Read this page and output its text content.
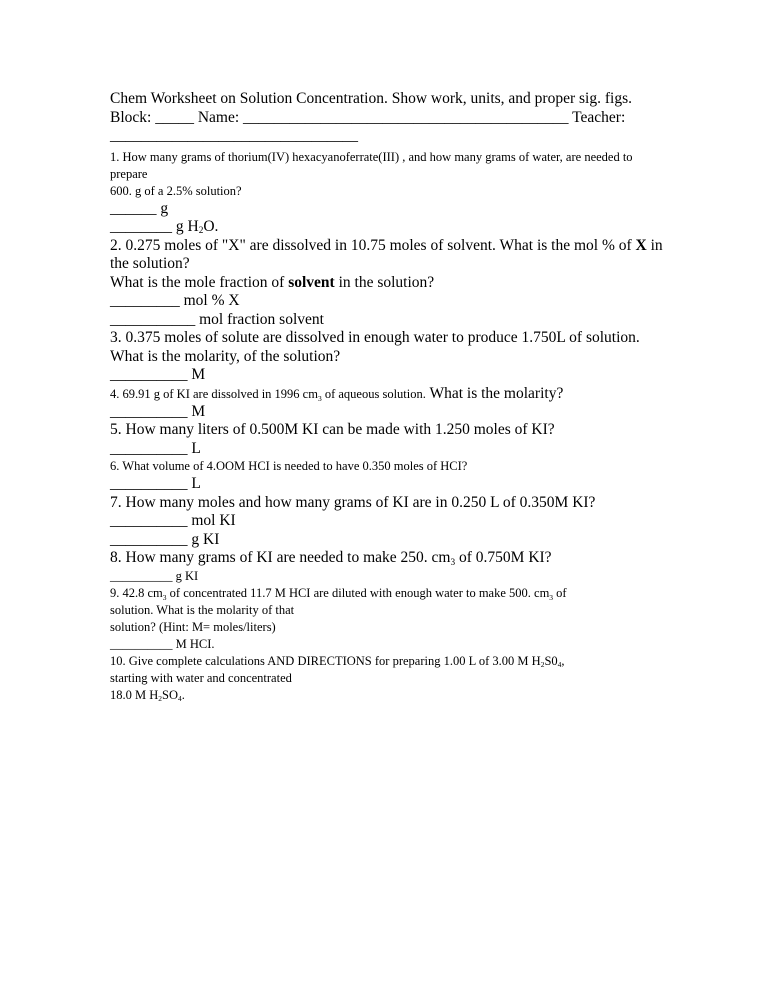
Chem Worksheet on Solution Concentration. Show work, units, and proper sig. figs.
Block: _____ Name: __________________________________________ Teacher:
________________________________
1. How many grams of thorium(IV) hexacyanoferrate(III) , and how many grams of water, are needed to prepare
600. g of a 2.5% solution?
______ g
________ g $H_2O$.
2. 0.275 moles of "X" are dissolved in 10.75 moles of solvent. What is the mol % of X in the solution?
What is the mole fraction of solvent in the solution?
_________ mol % X
___________ mol fraction solvent
3. 0.375 moles of solute are dissolved in enough water to produce 1.750L of solution.
What is the molarity, of the solution?
__________ M
4. 69.91 g of KI are dissolved in 1996 $cm^3$ of aqueous solution. What is the molarity?
__________ M
5. How many liters of 0.500M KI can be made with 1.250 moles of KI?
__________ L
6. What volume of 4.OOM HCI is needed to have 0.350 moles of HCI?
__________ L
7. How many moles and how many grams of KI are in 0.250 L of 0.350M KI?
__________ mol KI
__________ g KI
8. How many grams of KI are needed to make 250. $cm^3$ of 0.750M KI?
__________ g KI
9. 42.8 $cm^3$ of concentrated 11.7 M HCI are diluted with enough water to make 500. $cm^3$ of
solution. What is the molarity of that
solution? (Hint: M= moles/liters)
__________ M HCI.
10. Give complete calculations AND DIRECTIONS for preparing 1.00 L of 3.00 M $H_2S0_4$,
starting with water and concentrated
18.0 M $H_2SO_4$.
